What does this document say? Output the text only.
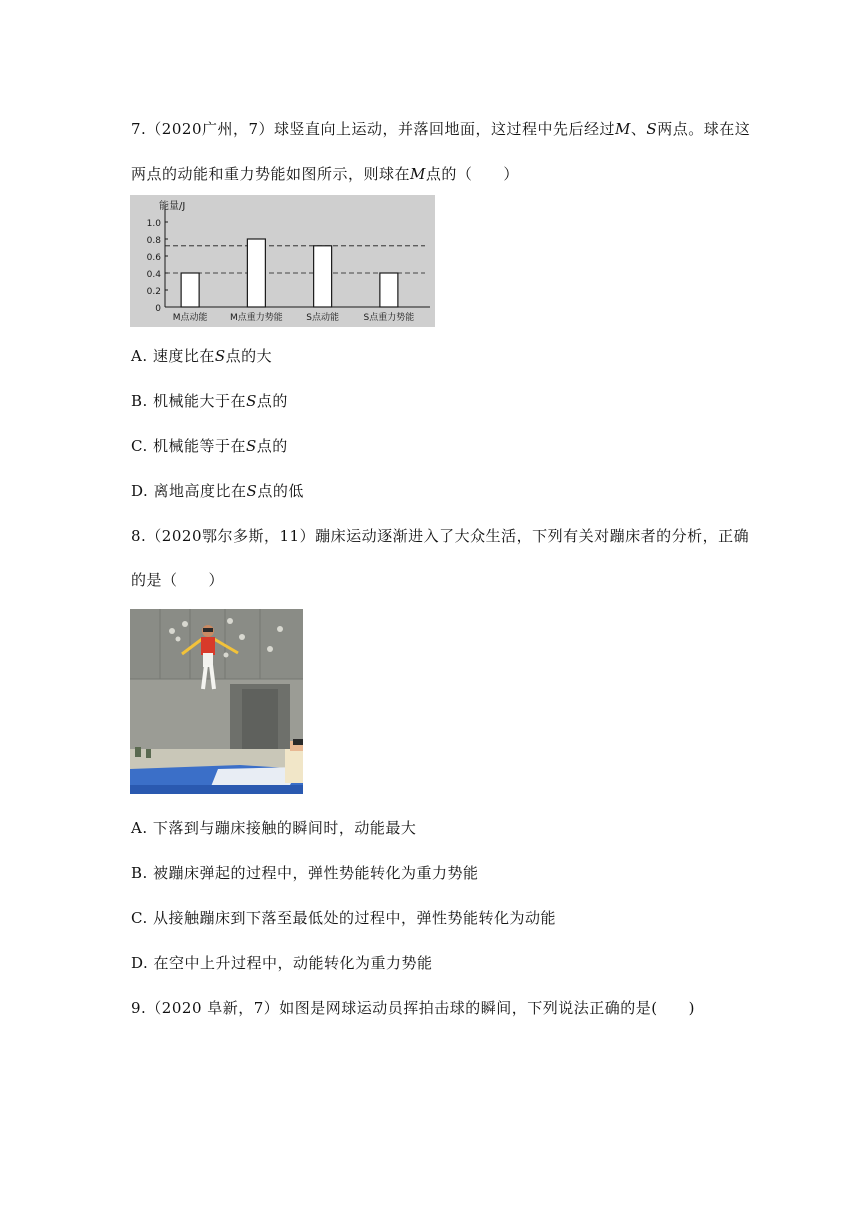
7.（2020广州，7）球竖直向上运动，并落回地面，这过程中先后经过M、S两点。球在这
两点的动能和重力势能如图所示，则球在M点的（　　）
能量/J
0
0.2
0.4
0.6
0.8
1.0
M点动能 M点重力势能	S点动能	S点重力势能
A. 速度比在S点的大
B. 机械能大于在S点的
C. 机械能等于在S点的
D. 离地高度比在S点的低
8.（2020鄂尔多斯，11）蹦床运动逐渐进入了大众生活，下列有关对蹦床者的分析，正确
的是（　　）
A. 下落到与蹦床接触的瞬间时，动能最大
B. 被蹦床弹起的过程中，弹性势能转化为重力势能
C. 从接触蹦床到下落至最低处的过程中，弹性势能转化为动能
D. 在空中上升过程中，动能转化为重力势能
9.（2020 阜新，7）如图是网球运动员挥拍击球的瞬间，下列说法正确的是(　　)
